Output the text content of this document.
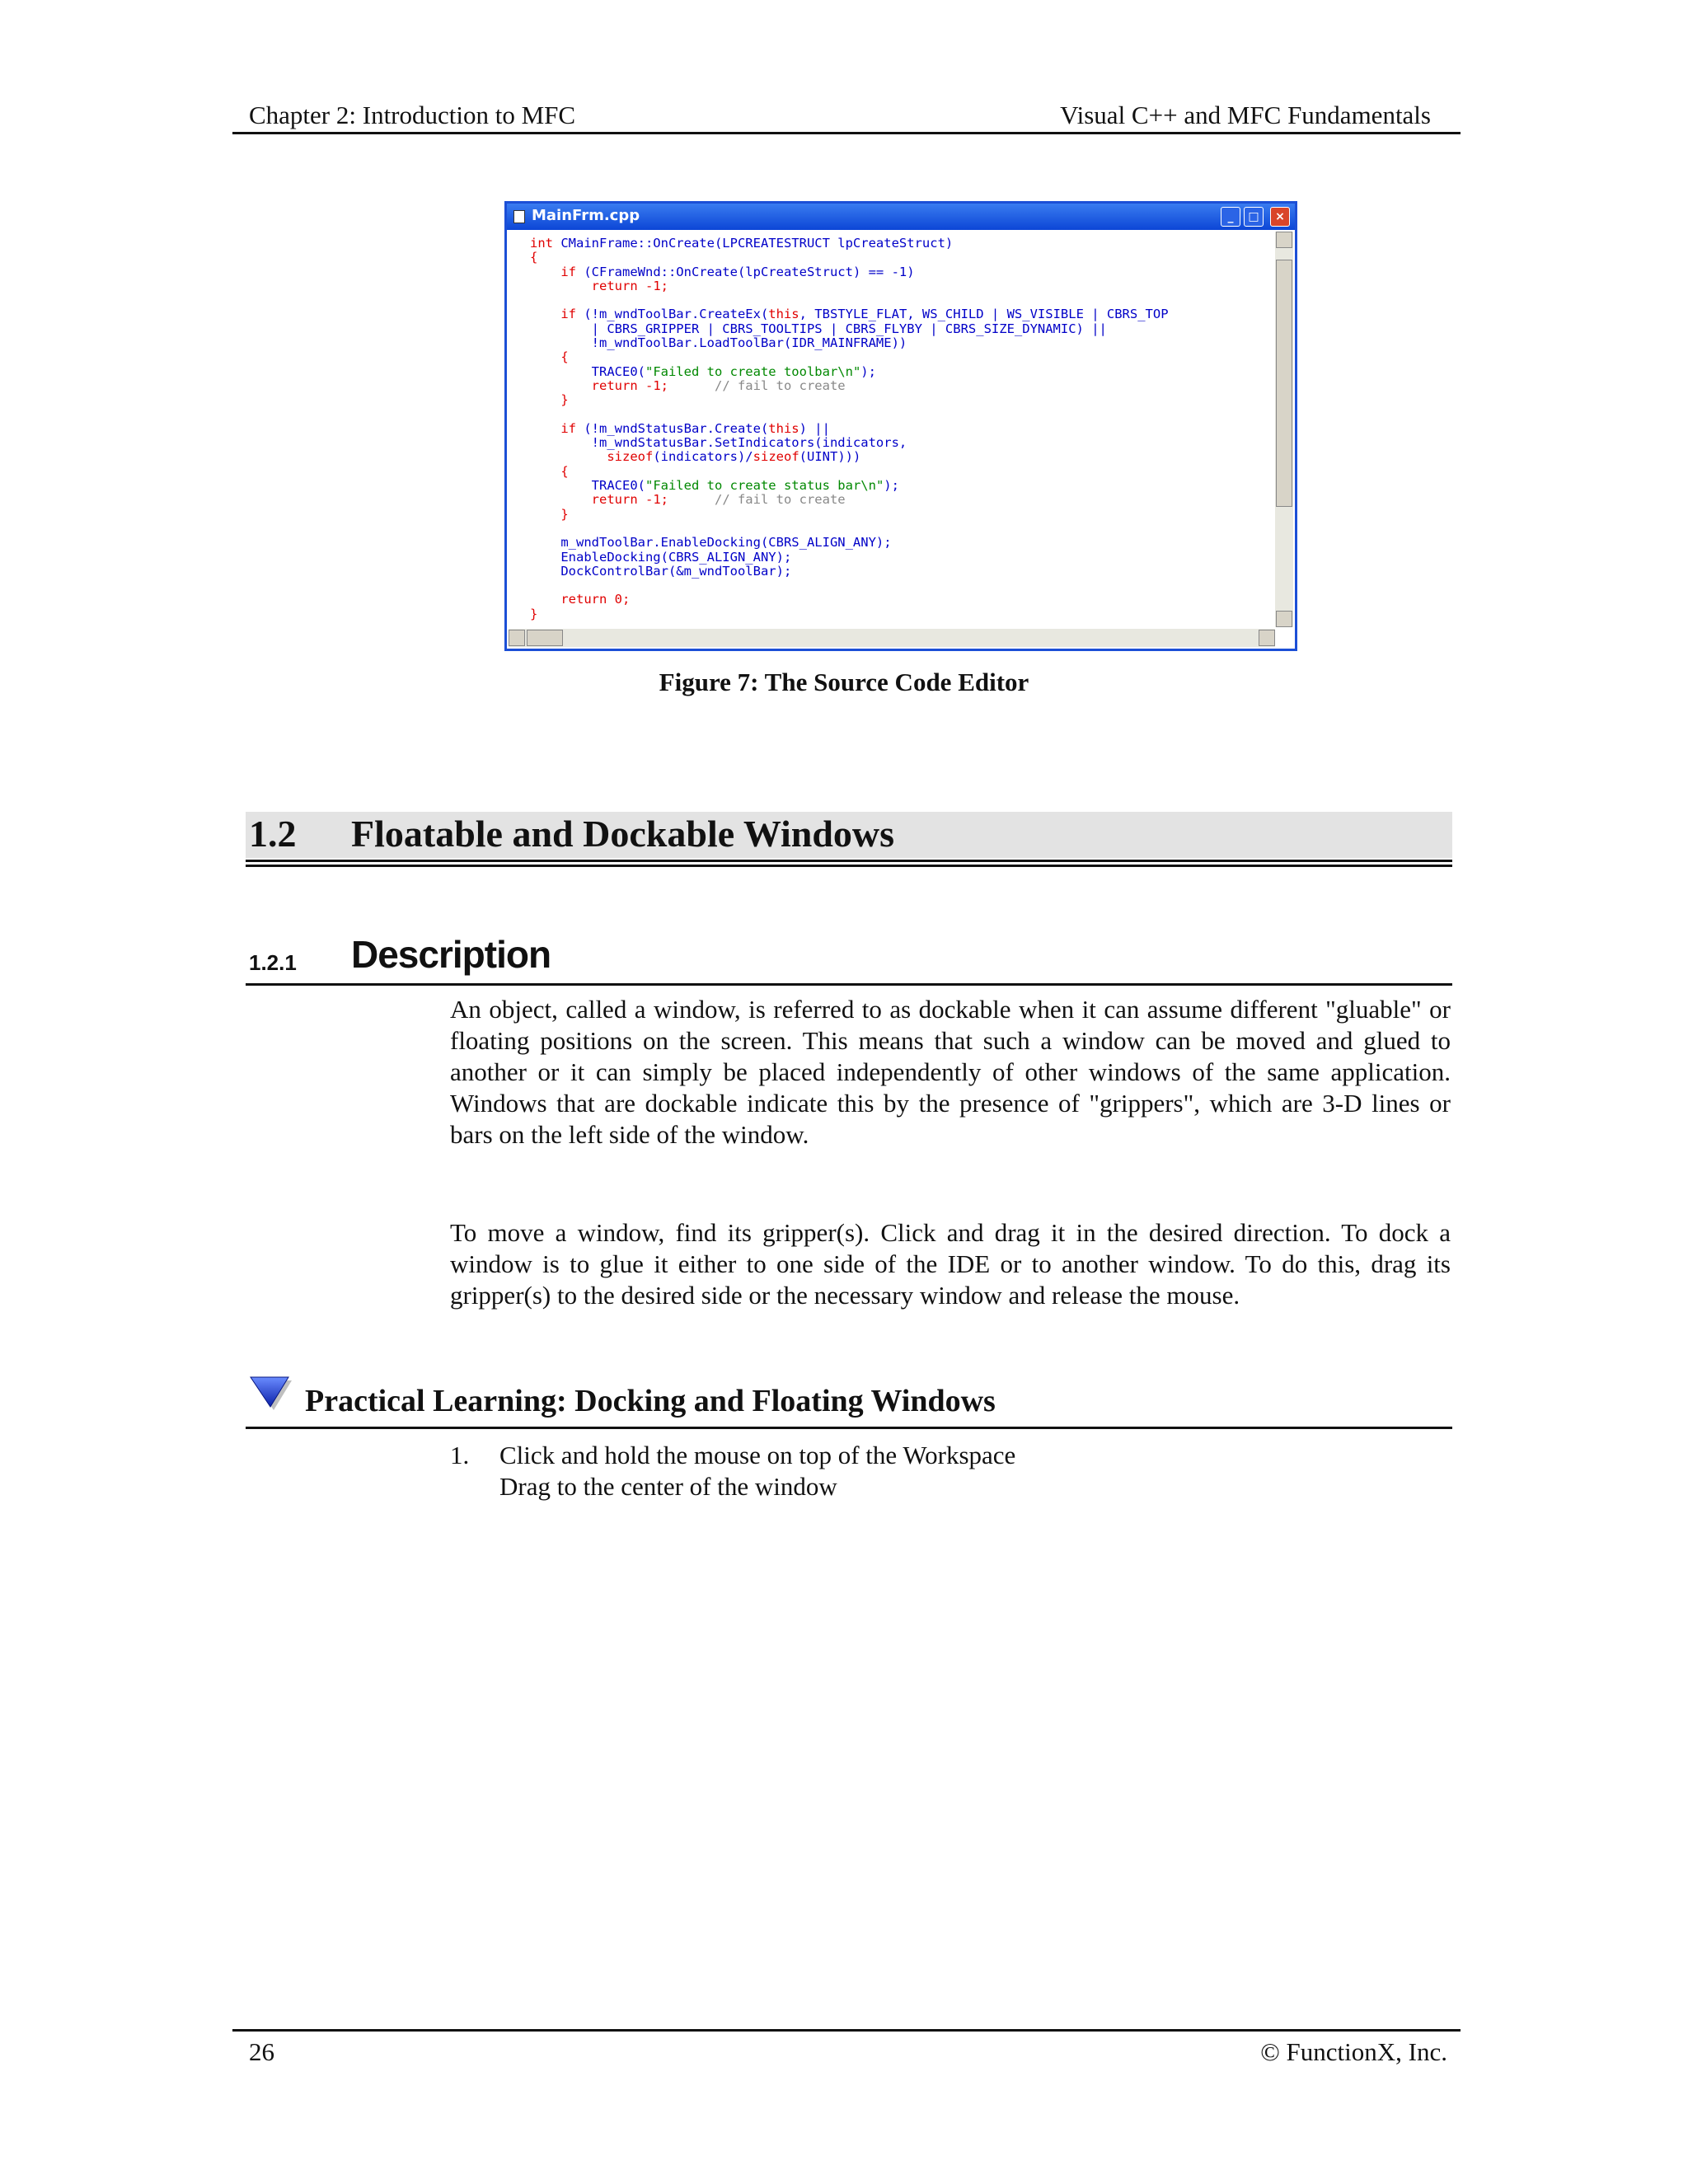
Chapter 2: Introduction to MFC	Visual C++ and MFC Fundamentals
MainFrm.cpp	_	□	×
int CMainFrame::OnCreate(LPCREATESTRUCT lpCreateStruct)
{
if (CFrameWnd::OnCreate(lpCreateStruct) == -1)
return -1;
if (!m_wndToolBar.CreateEx(this, TBSTYLE_FLAT, WS_CHILD | WS_VISIBLE | CBRS_TOP
| CBRS_GRIPPER | CBRS_TOOLTIPS | CBRS_FLYBY | CBRS_SIZE_DYNAMIC) ||
!m_wndToolBar.LoadToolBar(IDR_MAINFRAME))
{
TRACE0("Failed to create toolbar\n");
return -1;      // fail to create
}
if (!m_wndStatusBar.Create(this) ||
!m_wndStatusBar.SetIndicators(indicators,
sizeof(indicators)/sizeof(UINT)))
{
TRACE0("Failed to create status bar\n");
return -1;      // fail to create
}
m_wndToolBar.EnableDocking(CBRS_ALIGN_ANY);
EnableDocking(CBRS_ALIGN_ANY);
DockControlBar(&m_wndToolBar);
return 0;
}
Figure 7: The Source Code Editor
1.2 Floatable and Dockable Windows
1.2.1 Description
An object, called a window, is referred to as dockable when it can assume different "gluable" or floating positions on the screen. This means that such a window can be moved and glued to another or it can simply be placed independently of other windows of the same application. Windows that are dockable indicate this by the presence of "grippers", which are 3-D lines or bars on the left side of the window.
To move a window, find its gripper(s). Click and drag it in the desired direction. To dock a window is to glue it either to one side of the IDE or to another window. To do this, drag its gripper(s) to the desired side or the necessary window and release the mouse.
Practical Learning: Docking and Floating Windows
1. Click and hold the mouse on top of the Workspace
Drag to the center of the window
26	© FunctionX, Inc.
